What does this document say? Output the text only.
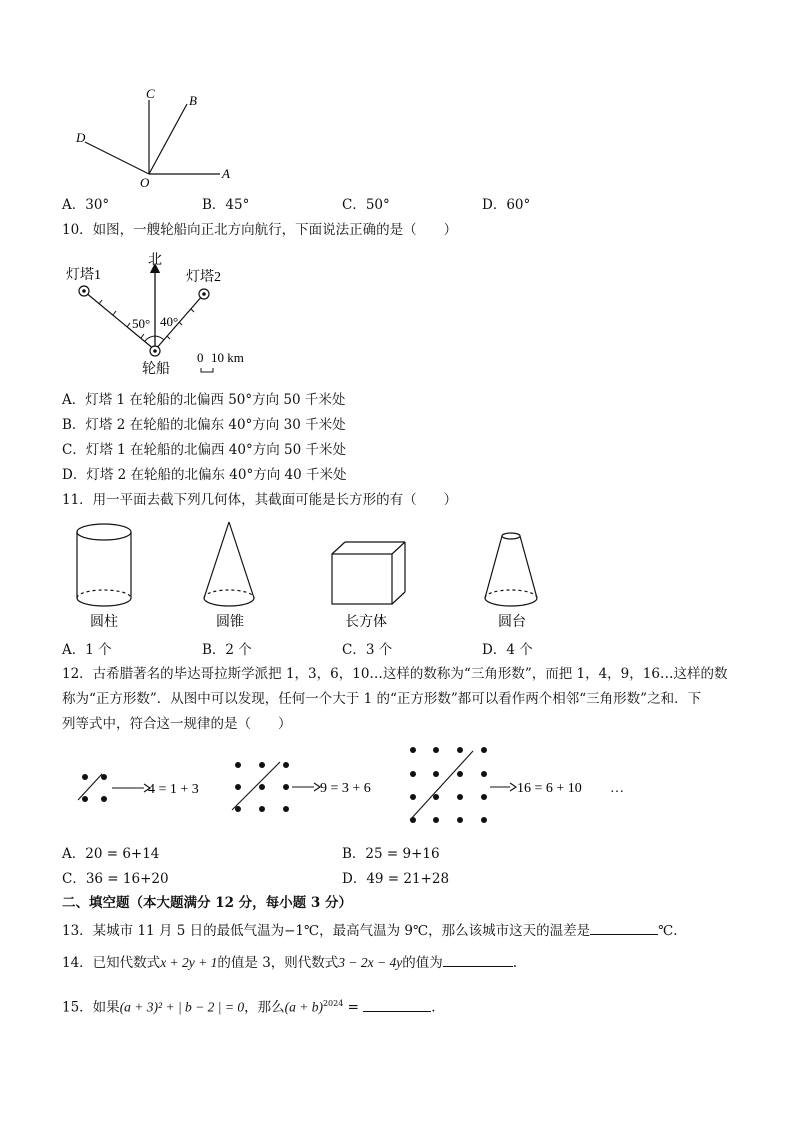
C	B
D
O
A
A．30°	B．45°	C．50°	D．60°
10．如图，一艘轮船向正北方向航行，下面说法正确的是（　　）
北
灯塔1	灯塔2
50° 40°
轮船
0 10 km
A．灯塔 1 在轮船的北偏西 50°方向 50 千米处
B．灯塔 2 在轮船的北偏东 40°方向 30 千米处
C．灯塔 1 在轮船的北偏西 40°方向 50 千米处
D．灯塔 2 在轮船的北偏东 40°方向 40 千米处
11．用一平面去截下列几何体，其截面可能是长方形的有（　　）
圆柱	圆锥	长方体	圆台
A．1 个	B．2 个	C．3 个	D．4 个
12．古希腊著名的毕达哥拉斯学派把 1，3，6，10…这样的数称为“三角形数”，而把 1，4，9，16…这样的数
称为“正方形数”．从图中可以发现，任何一个大于 1 的“正方形数”都可以看作两个相邻“三角形数”之和．下
列等式中，符合这一规律的是（　　）
4 = 1 + 3	9 = 3 + 6	16 = 6 + 10 …
A．20 = 6+14	B．25 = 9+16
C．36 = 16+20	D．49 = 21+28
二、填空题（本大题满分 12 分，每小题 3 分）
13．某城市 11 月 5 日的最低气温为−1℃，最高气温为 9℃，那么该城市这天的温差是	℃.
14．已知代数式x + 2y + 1的值是 3，则代数式3 − 2x − 4y的值为	.
15．如果(a + 3)² + | b − 2 | = 0，那么$(a + b)^{2024}$ =	.
